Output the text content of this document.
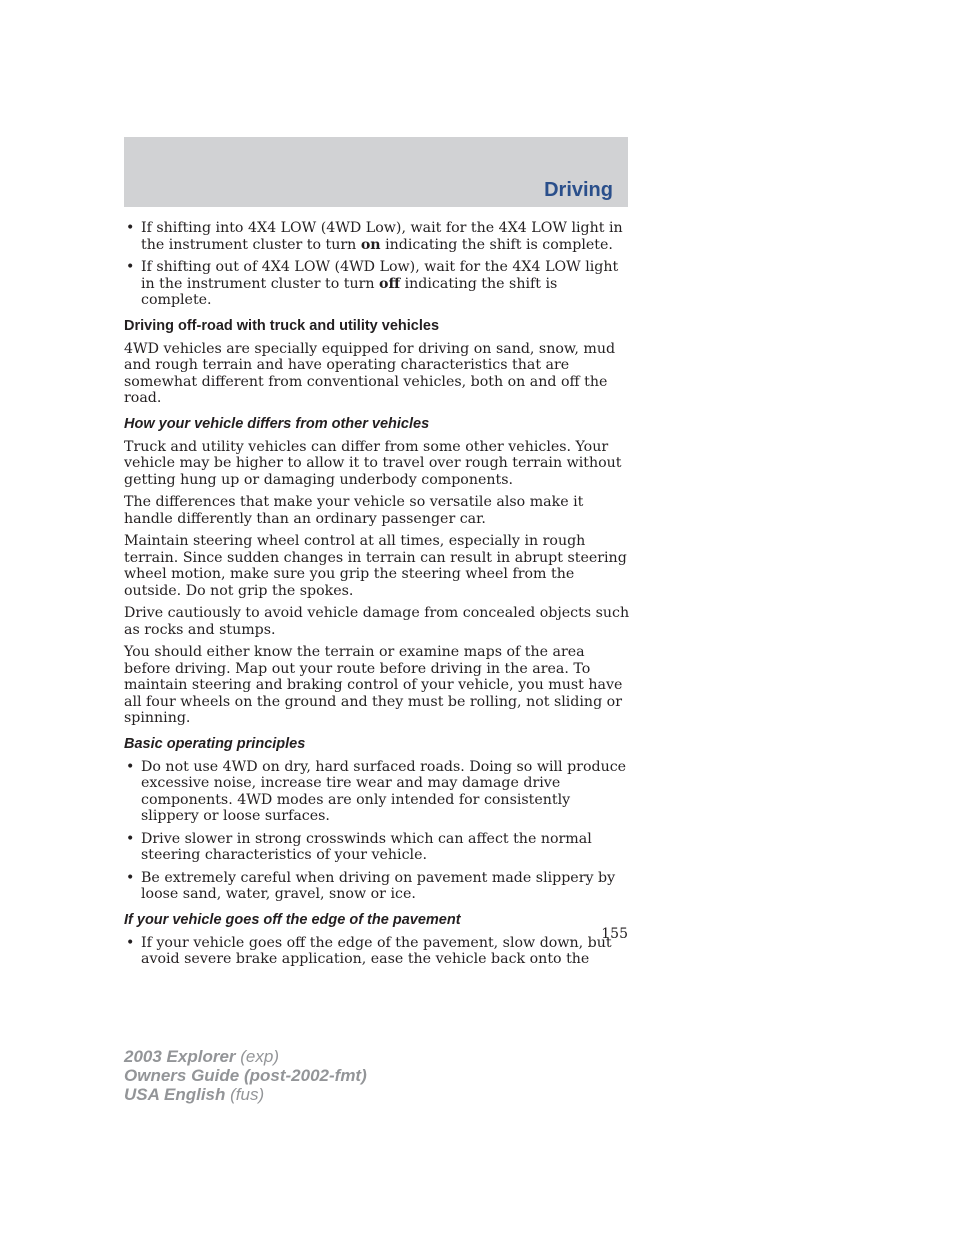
Driving
• If shifting into 4X4 LOW (4WD Low), wait for the 4X4 LOW light in the instrument cluster to turn on indicating the shift is complete.
• If shifting out of 4X4 LOW (4WD Low), wait for the 4X4 LOW light in the instrument cluster to turn off indicating the shift is complete.
Driving off-road with truck and utility vehicles

4WD vehicles are specially equipped for driving on sand, snow, mud and rough terrain and have operating characteristics that are somewhat different from conventional vehicles, both on and off the road.

How your vehicle differs from other vehicles

Truck and utility vehicles can differ from some other vehicles. Your vehicle may be higher to allow it to travel over rough terrain without getting hung up or damaging underbody components.

The differences that make your vehicle so versatile also make it handle differently than an ordinary passenger car.

Maintain steering wheel control at all times, especially in rough terrain. Since sudden changes in terrain can result in abrupt steering wheel motion, make sure you grip the steering wheel from the outside. Do not grip the spokes.

Drive cautiously to avoid vehicle damage from concealed objects such as rocks and stumps.

You should either know the terrain or examine maps of the area before driving. Map out your route before driving in the area. To maintain steering and braking control of your vehicle, you must have all four wheels on the ground and they must be rolling, not sliding or spinning.

Basic operating principles
• Do not use 4WD on dry, hard surfaced roads. Doing so will produce excessive noise, increase tire wear and may damage drive components. 4WD modes are only intended for consistently slippery or loose surfaces.
• Drive slower in strong crosswinds which can affect the normal steering characteristics of your vehicle.
• Be extremely careful when driving on pavement made slippery by loose sand, water, gravel, snow or ice.
If your vehicle goes off the edge of the pavement
• If your vehicle goes off the edge of the pavement, slow down, but avoid severe brake application, ease the vehicle back onto the
155
2003 Explorer (exp)
Owners Guide (post-2002-fmt)
USA English (fus)
